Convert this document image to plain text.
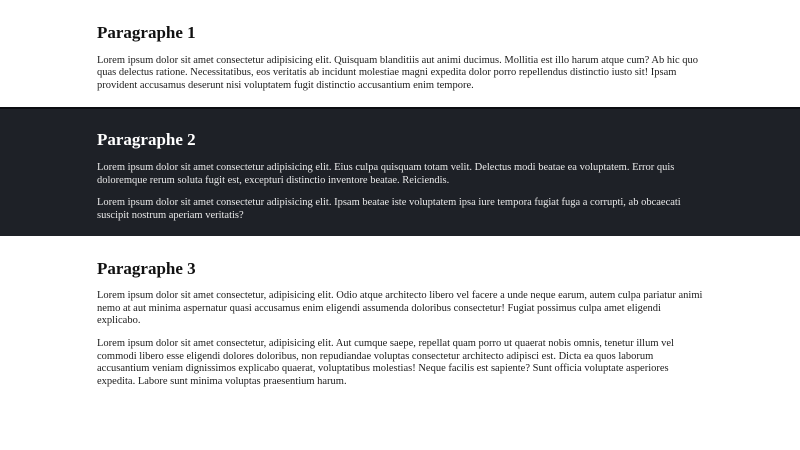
Paragraphe 1

Lorem ipsum dolor sit amet consectetur adipisicing elit. Quisquam blanditiis aut animi ducimus. Mollitia est illo harum atque cum? Ab hic quo quas delectus ratione. Necessitatibus, eos veritatis ab incidunt molestiae magni expedita dolor porro repellendus distinctio iusto sit! Ipsam provident accusamus deserunt nisi voluptatem fugit distinctio accusantium enim tempore.

Paragraphe 2

Lorem ipsum dolor sit amet consectetur adipisicing elit. Eius culpa quisquam totam velit. Delectus modi beatae ea voluptatem. Error quis doloremque rerum soluta fugit est, excepturi distinctio inventore beatae. Reiciendis.

Lorem ipsum dolor sit amet consectetur adipisicing elit. Ipsam beatae iste voluptatem ipsa iure tempora fugiat fuga a corrupti, ab obcaecati suscipit nostrum aperiam veritatis?

Paragraphe 3

Lorem ipsum dolor sit amet consectetur, adipisicing elit. Odio atque architecto libero vel facere a unde neque earum, autem culpa pariatur animi nemo at aut minima aspernatur quasi accusamus enim eligendi assumenda doloribus consectetur! Fugiat possimus culpa amet eligendi explicabo.

Lorem ipsum dolor sit amet consectetur, adipisicing elit. Aut cumque saepe, repellat quam porro ut quaerat nobis omnis, tenetur illum vel commodi libero esse eligendi dolores doloribus, non repudiandae voluptas consectetur architecto adipisci est. Dicta ea quos laborum accusantium veniam dignissimos explicabo quaerat, voluptatibus molestias! Neque facilis est sapiente? Sunt officia voluptate asperiores expedita. Labore sunt minima voluptas praesentium harum.
